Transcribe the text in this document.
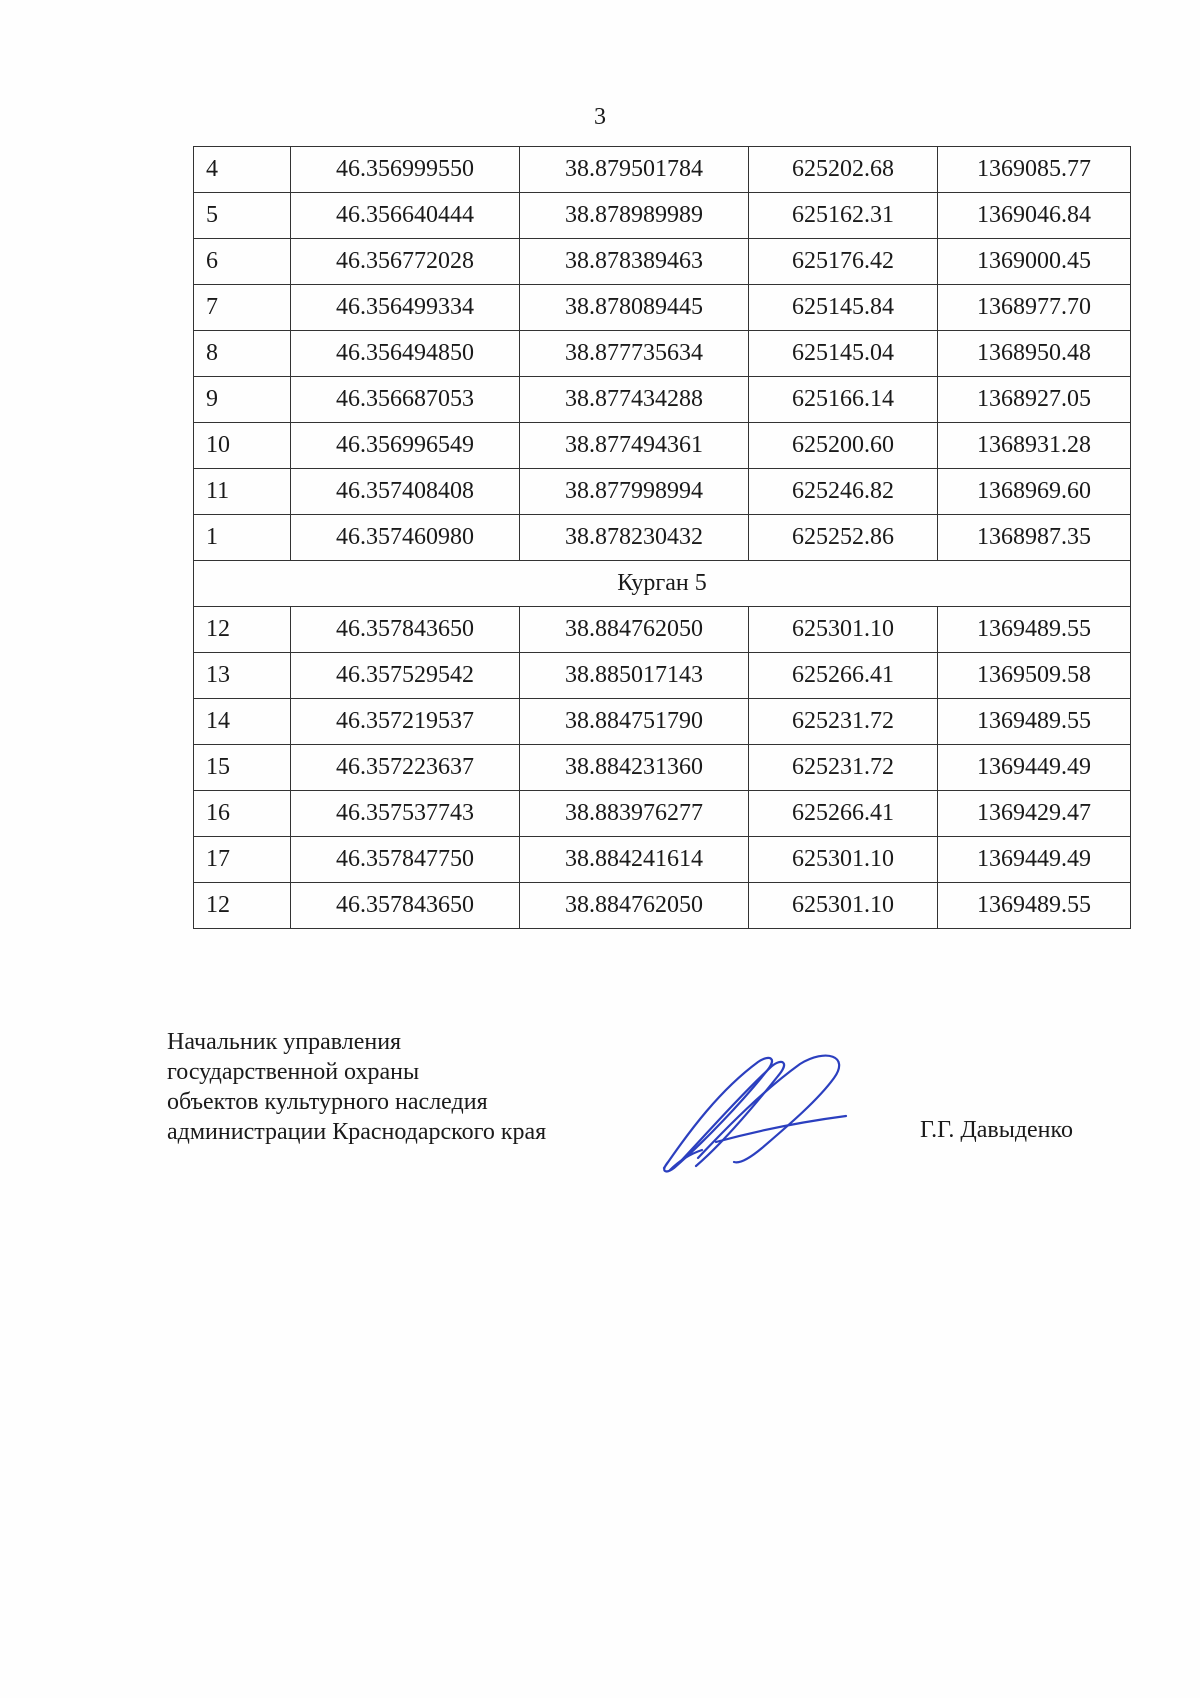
3
4	46.356999550	38.879501784	625202.68	1369085.77
5	46.356640444	38.878989989	625162.31	1369046.84
6	46.356772028	38.878389463	625176.42	1369000.45
7	46.356499334	38.878089445	625145.84	1368977.70
8	46.356494850	38.877735634	625145.04	1368950.48
9	46.356687053	38.877434288	625166.14	1368927.05
10	46.356996549	38.877494361	625200.60	1368931.28
11	46.357408408	38.877998994	625246.82	1368969.60
1	46.357460980	38.878230432	625252.86	1368987.35
Курган 5				
12	46.357843650	38.884762050	625301.10	1369489.55
13	46.357529542	38.885017143	625266.41	1369509.58
14	46.357219537	38.884751790	625231.72	1369489.55
15	46.357223637	38.884231360	625231.72	1369449.49
16	46.357537743	38.883976277	625266.41	1369429.47
17	46.357847750	38.884241614	625301.10	1369449.49
12	46.357843650	38.884762050	625301.10	1369489.55
Начальник управления
государственной охраны
объектов культурного наследия
администрации Краснодарского края	Г.Г. Давыденко
